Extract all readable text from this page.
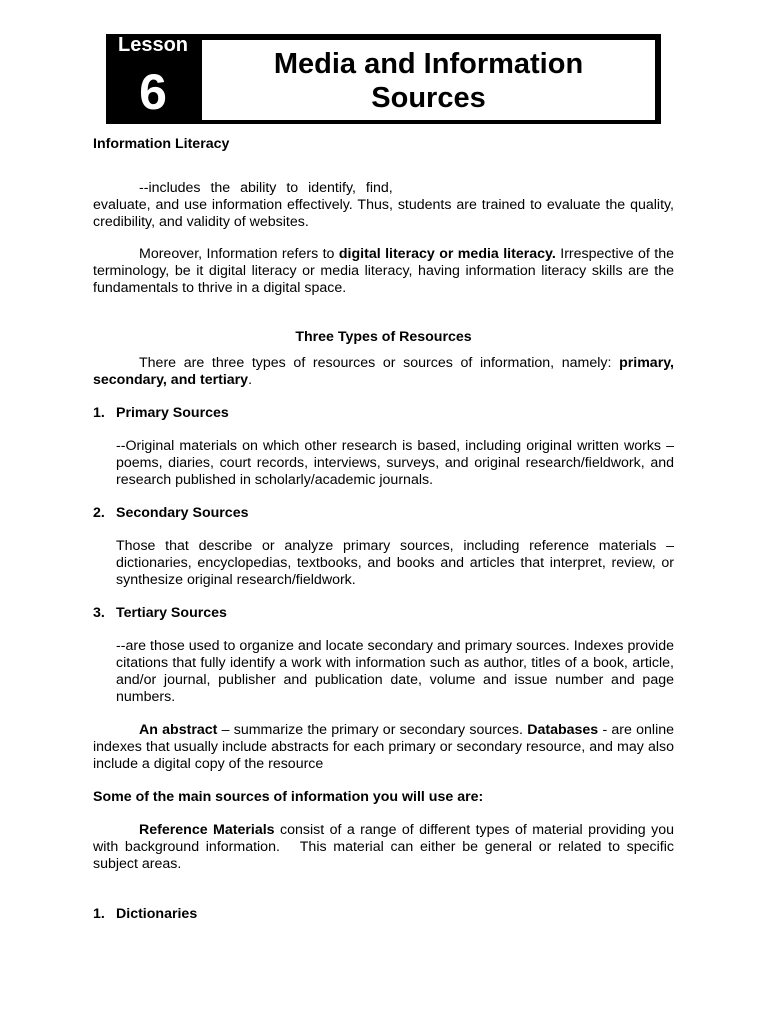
Lesson
6	Media and Information Sources

Information Literacy

--includes the ability to identify, find,
evaluate, and use information effectively. Thus, students are trained to evaluate the quality, credibility, and validity of websites.

Moreover, Information refers to digital literacy or media literacy. Irrespective of the terminology, be it digital literacy or media literacy, having information literacy skills are the fundamentals to thrive in a digital space.

Three Types of Resources

There are three types of resources or sources of information, namely: primary, secondary, and tertiary.

1. Primary Sources

--Original materials on which other research is based, including original written works – poems, diaries, court records, interviews, surveys, and original research/fieldwork, and research published in scholarly/academic journals.

2. Secondary Sources

Those that describe or analyze primary sources, including reference materials – dictionaries, encyclopedias, textbooks, and books and articles that interpret, review, or synthesize original research/fieldwork.

3. Tertiary Sources

--are those used to organize and locate secondary and primary sources. Indexes provide citations that fully identify a work with information such as author, titles of a book, article, and/or journal, publisher and publication date, volume and issue number and page numbers.

An abstract – summarize the primary or secondary sources. Databases - are online indexes that usually include abstracts for each primary or secondary resource, and may also include a digital copy of the resource

Some of the main sources of information you will use are:

Reference Materials consist of a range of different types of material providing you with background information.   This material can either be general or related to specific subject areas.

1. Dictionaries
